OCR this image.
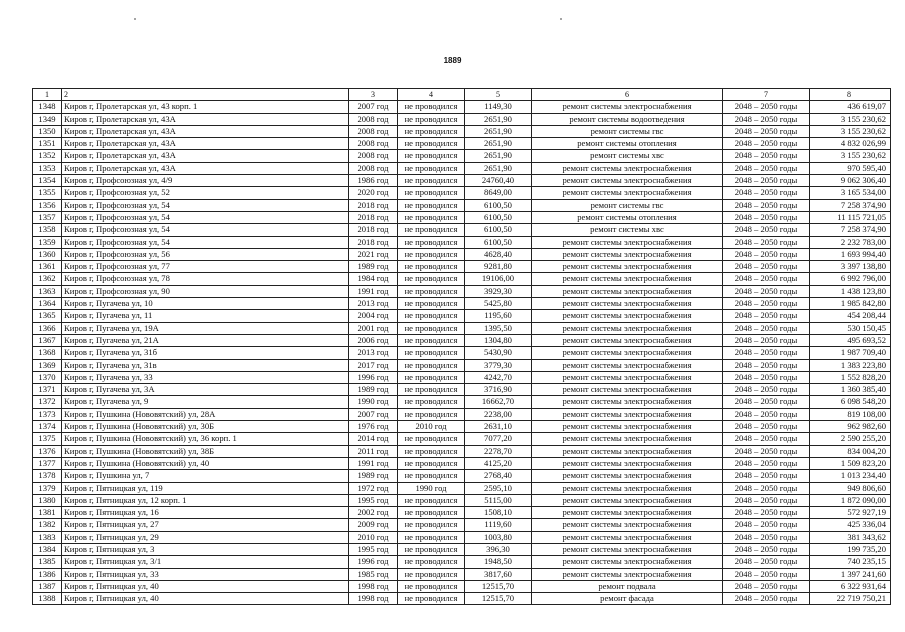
1889
1	2	3	4	5	6	7	8
1348	Киров г, Пролетарская ул, 43 корп. 1	2007 год	не проводился	1149,30	ремонт системы электроснабжения	2048 – 2050 годы	436 619,07
1349	Киров г, Пролетарская ул, 43А	2008 год	не проводился	2651,90	ремонт системы водоотведения	2048 – 2050 годы	3 155 230,62
1350	Киров г, Пролетарская ул, 43А	2008 год	не проводился	2651,90	ремонт системы гвс	2048 – 2050 годы	3 155 230,62
1351	Киров г, Пролетарская ул, 43А	2008 год	не проводился	2651,90	ремонт системы отопления	2048 – 2050 годы	4 832 026,99
1352	Киров г, Пролетарская ул, 43А	2008 год	не проводился	2651,90	ремонт системы хвс	2048 – 2050 годы	3 155 230,62
1353	Киров г, Пролетарская ул, 43А	2008 год	не проводился	2651,90	ремонт системы электроснабжения	2048 – 2050 годы	970 595,40
1354	Киров г, Профсоюзная ул, 4/9	1986 год	не проводился	24760,40	ремонт системы электроснабжения	2048 – 2050 годы	9 062 306,40
1355	Киров г, Профсоюзная ул, 52	2020 год	не проводился	8649,00	ремонт системы электроснабжения	2048 – 2050 годы	3 165 534,00
1356	Киров г, Профсоюзная ул, 54	2018 год	не проводился	6100,50	ремонт системы гвс	2048 – 2050 годы	7 258 374,90
1357	Киров г, Профсоюзная ул, 54	2018 год	не проводился	6100,50	ремонт системы отопления	2048 – 2050 годы	11 115 721,05
1358	Киров г, Профсоюзная ул, 54	2018 год	не проводился	6100,50	ремонт системы хвс	2048 – 2050 годы	7 258 374,90
1359	Киров г, Профсоюзная ул, 54	2018 год	не проводился	6100,50	ремонт системы электроснабжения	2048 – 2050 годы	2 232 783,00
1360	Киров г, Профсоюзная ул, 56	2021 год	не проводился	4628,40	ремонт системы электроснабжения	2048 – 2050 годы	1 693 994,40
1361	Киров г, Профсоюзная ул, 77	1989 год	не проводился	9281,80	ремонт системы электроснабжения	2048 – 2050 годы	3 397 138,80
1362	Киров г, Профсоюзная ул, 78	1984 год	не проводился	19106,00	ремонт системы электроснабжения	2048 – 2050 годы	6 992 796,00
1363	Киров г, Профсоюзная ул, 90	1991 год	не проводился	3929,30	ремонт системы электроснабжения	2048 – 2050 годы	1 438 123,80
1364	Киров г, Пугачева ул, 10	2013 год	не проводился	5425,80	ремонт системы электроснабжения	2048 – 2050 годы	1 985 842,80
1365	Киров г, Пугачева ул, 11	2004 год	не проводился	1195,60	ремонт системы электроснабжения	2048 – 2050 годы	454 208,44
1366	Киров г, Пугачева ул, 19А	2001 год	не проводился	1395,50	ремонт системы электроснабжения	2048 – 2050 годы	530 150,45
1367	Киров г, Пугачева ул, 21А	2006 год	не проводился	1304,80	ремонт системы электроснабжения	2048 – 2050 годы	495 693,52
1368	Киров г, Пугачева ул, 31б	2013 год	не проводился	5430,90	ремонт системы электроснабжения	2048 – 2050 годы	1 987 709,40
1369	Киров г, Пугачева ул, 31в	2017 год	не проводился	3779,30	ремонт системы электроснабжения	2048 – 2050 годы	1 383 223,80
1370	Киров г, Пугачева ул, 33	1996 год	не проводился	4242,70	ремонт системы электроснабжения	2048 – 2050 годы	1 552 828,20
1371	Киров г, Пугачева ул, 3А	1989 год	не проводился	3716,90	ремонт системы электроснабжения	2048 – 2050 годы	1 360 385,40
1372	Киров г, Пугачева ул, 9	1990 год	не проводился	16662,70	ремонт системы электроснабжения	2048 – 2050 годы	6 098 548,20
1373	Киров г, Пушкина (Нововятский) ул, 28А	2007 год	не проводился	2238,00	ремонт системы электроснабжения	2048 – 2050 годы	819 108,00
1374	Киров г, Пушкина (Нововятский) ул, 30Б	1976 год	2010 год	2631,10	ремонт системы электроснабжения	2048 – 2050 годы	962 982,60
1375	Киров г, Пушкина (Нововятский) ул, 36 корп. 1	2014 год	не проводился	7077,20	ремонт системы электроснабжения	2048 – 2050 годы	2 590 255,20
1376	Киров г, Пушкина (Нововятский) ул, 38Б	2011 год	не проводился	2278,70	ремонт системы электроснабжения	2048 – 2050 годы	834 004,20
1377	Киров г, Пушкина (Нововятский) ул, 40	1991 год	не проводился	4125,20	ремонт системы электроснабжения	2048 – 2050 годы	1 509 823,20
1378	Киров г, Пушкина ул, 7	1989 год	не проводился	2768,40	ремонт системы электроснабжения	2048 – 2050 годы	1 013 234,40
1379	Киров г, Пятницкая ул, 119	1972 год	1990 год	2595,10	ремонт системы электроснабжения	2048 – 2050 годы	949 806,60
1380	Киров г, Пятницкая ул, 12 корп. 1	1995 год	не проводился	5115,00	ремонт системы электроснабжения	2048 – 2050 годы	1 872 090,00
1381	Киров г, Пятницкая ул, 16	2002 год	не проводился	1508,10	ремонт системы электроснабжения	2048 – 2050 годы	572 927,19
1382	Киров г, Пятницкая ул, 27	2009 год	не проводился	1119,60	ремонт системы электроснабжения	2048 – 2050 годы	425 336,04
1383	Киров г, Пятницкая ул, 29	2010 год	не проводился	1003,80	ремонт системы электроснабжения	2048 – 2050 годы	381 343,62
1384	Киров г, Пятницкая ул, 3	1995 год	не проводился	396,30	ремонт системы электроснабжения	2048 – 2050 годы	199 735,20
1385	Киров г, Пятницкая ул, 3/1	1996 год	не проводился	1948,50	ремонт системы электроснабжения	2048 – 2050 годы	740 235,15
1386	Киров г, Пятницкая ул, 33	1985 год	не проводился	3817,60	ремонт системы электроснабжения	2048 – 2050 годы	1 397 241,60
1387	Киров г, Пятницкая ул, 40	1998 год	не проводился	12515,70	ремонт подвала	2048 – 2050 годы	6 322 931,64
1388	Киров г, Пятницкая ул, 40	1998 год	не проводился	12515,70	ремонт фасада	2048 – 2050 годы	22 719 750,21
